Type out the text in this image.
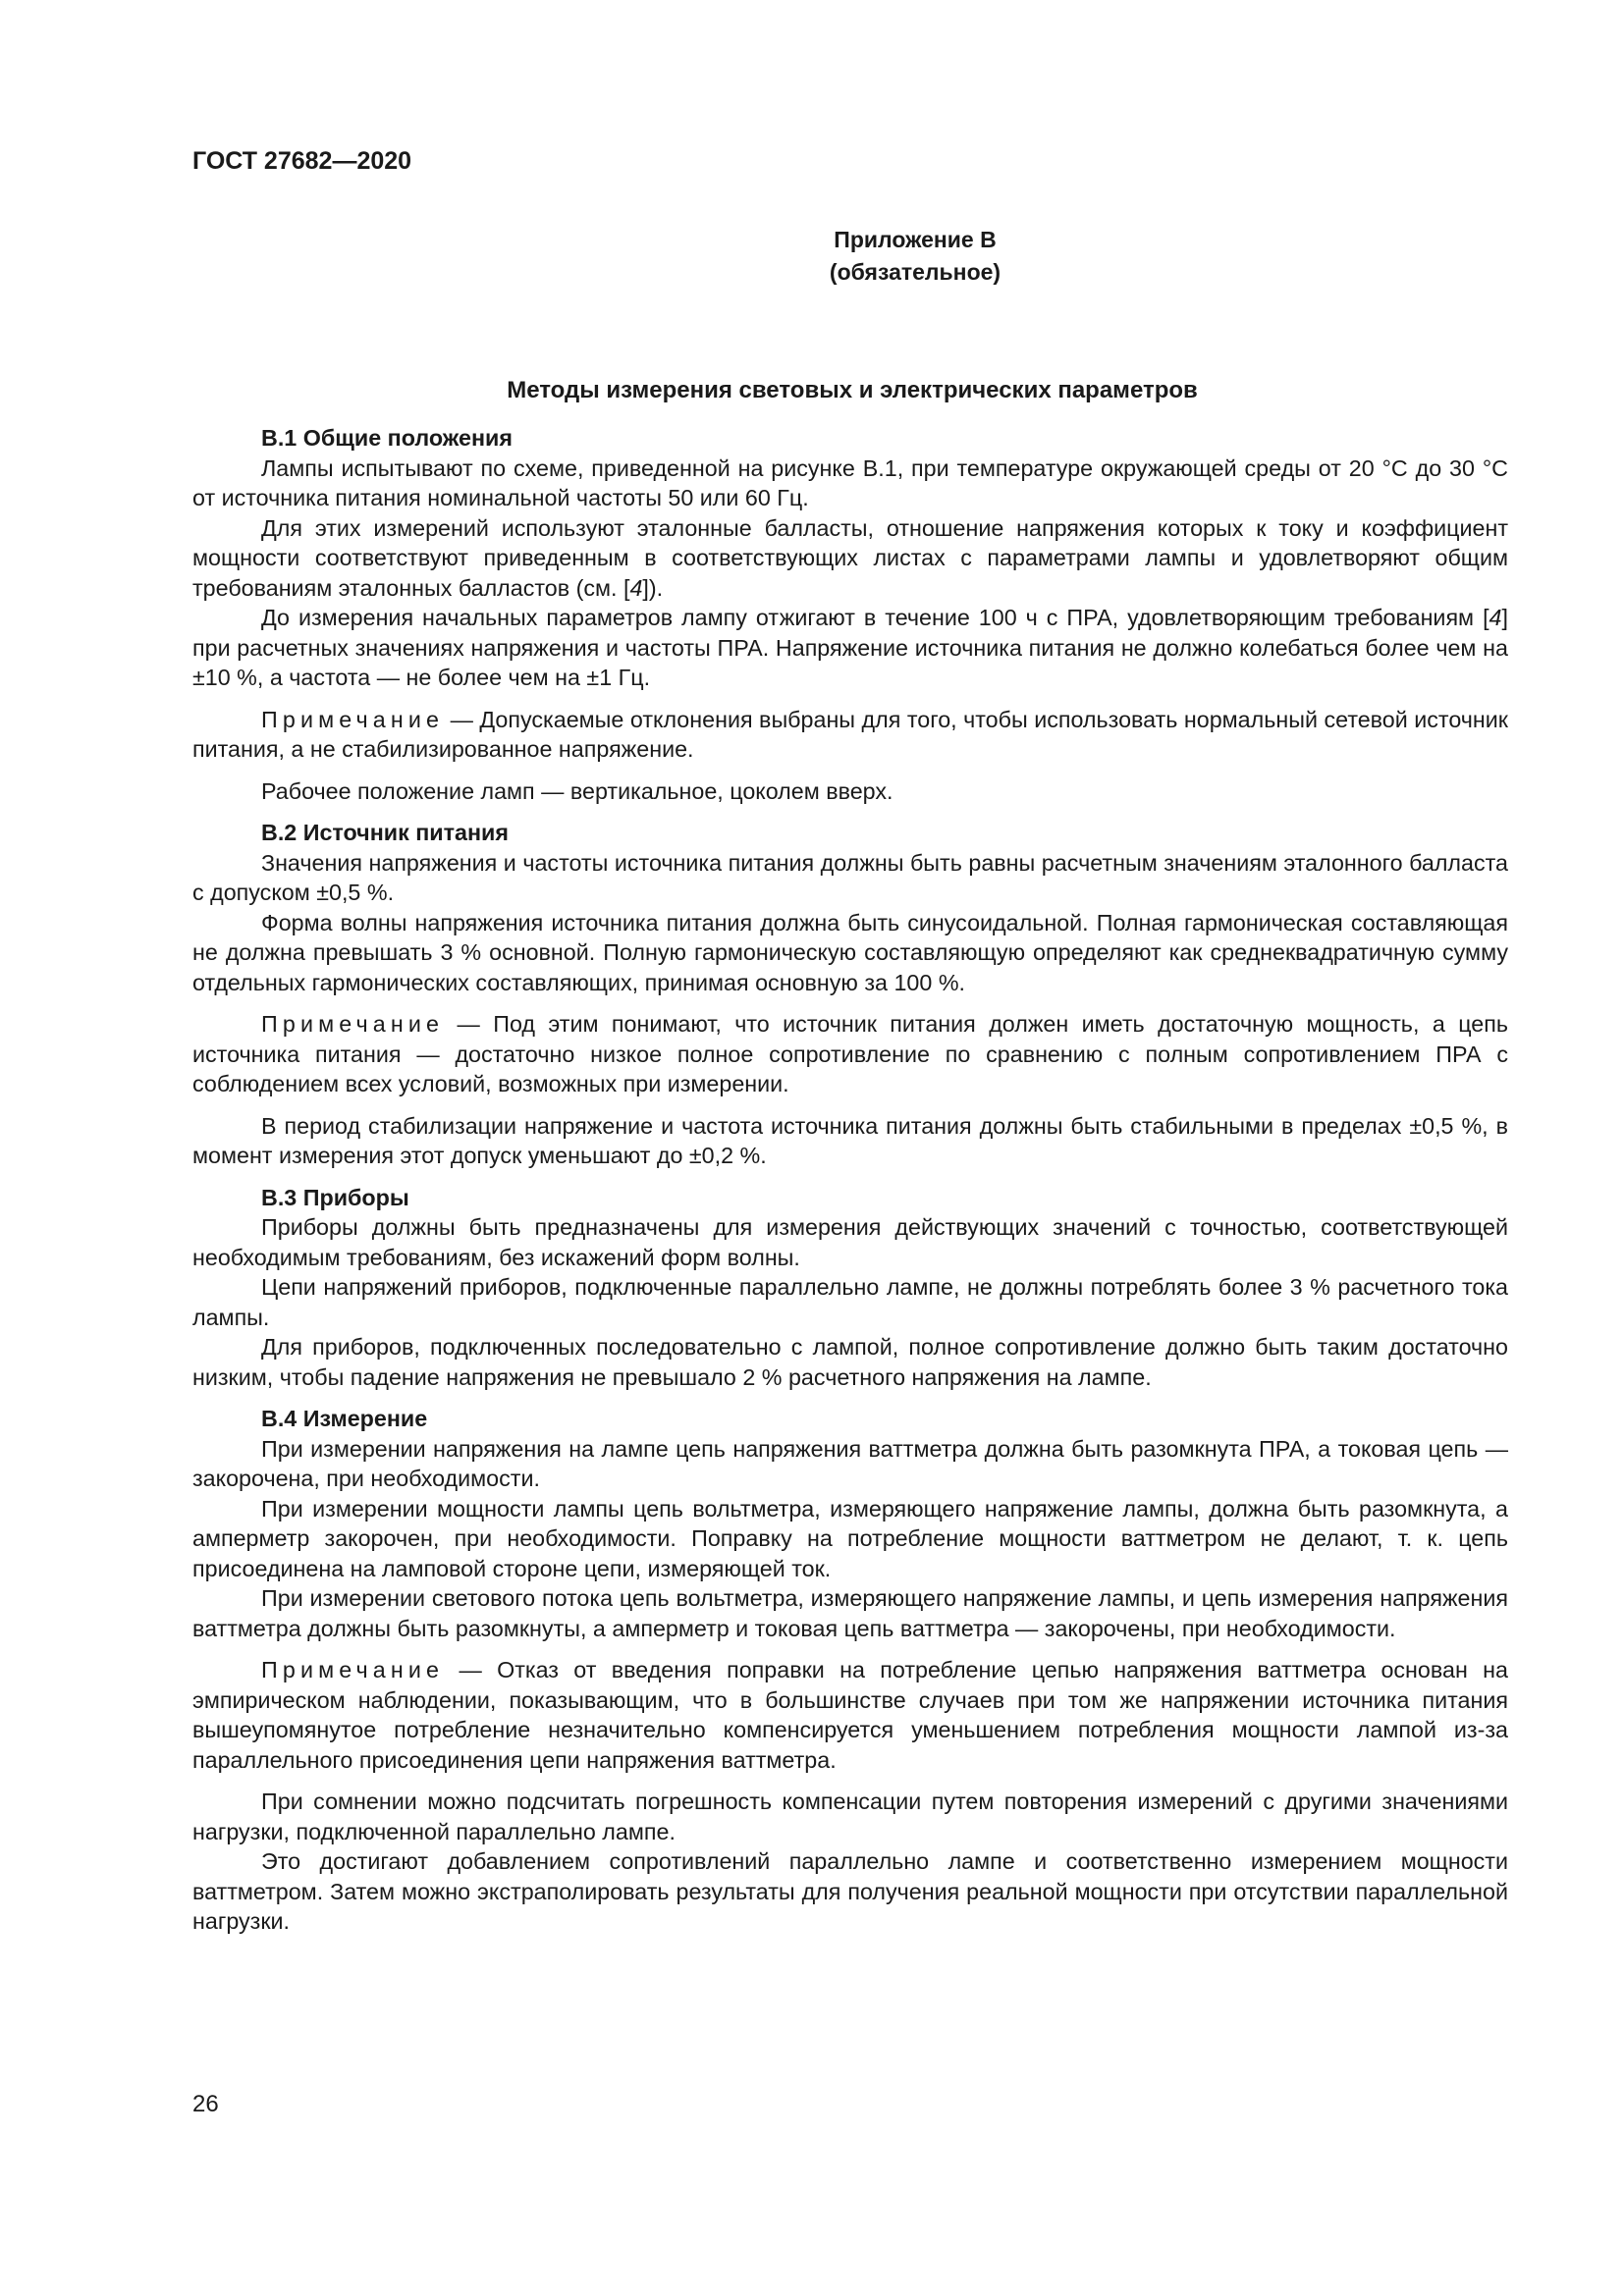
ГОСТ 27682—2020
Приложение В
(обязательное)
Методы измерения световых и электрических параметров
В.1 Общие положения

Лампы испытывают по схеме, приведенной на рисунке В.1, при температуре окружающей среды от 20 °С до 30 °С от источника питания номинальной частоты 50 или 60 Гц.

Для этих измерений используют эталонные балласты, отношение напряжения которых к току и коэффициент мощности соответствуют приведенным в соответствующих листах с параметрами лампы и удовлетворяют общим требованиям эталонных балластов (см. [4]).

До измерения начальных параметров лампу отжигают в течение 100 ч с ПРА, удовлетворяющим требованиям [4] при расчетных значениях напряжения и частоты ПРА. Напряжение источника питания не должно колебаться более чем на ±10 %, а частота — не более чем на ±1 Гц.

Примечание — Допускаемые отклонения выбраны для того, чтобы использовать нормальный сетевой источник питания, а не стабилизированное напряжение.

Рабочее положение ламп — вертикальное, цоколем вверх.

В.2 Источник питания

Значения напряжения и частоты источника питания должны быть равны расчетным значениям эталонного балласта с допуском ±0,5 %.

Форма волны напряжения источника питания должна быть синусоидальной. Полная гармоническая составляющая не должна превышать 3 % основной. Полную гармоническую составляющую определяют как среднеквадратичную сумму отдельных гармонических составляющих, принимая основную за 100 %.

Примечание — Под этим понимают, что источник питания должен иметь достаточную мощность, а цепь источника питания — достаточно низкое полное сопротивление по сравнению с полным сопротивлением ПРА с соблюдением всех условий, возможных при измерении.

В период стабилизации напряжение и частота источника питания должны быть стабильными в пределах ±0,5 %, в момент измерения этот допуск уменьшают до ±0,2 %.

В.3 Приборы

Приборы должны быть предназначены для измерения действующих значений с точностью, соответствующей необходимым требованиям, без искажений форм волны.

Цепи напряжений приборов, подключенные параллельно лампе, не должны потреблять более 3 % расчетного тока лампы.

Для приборов, подключенных последовательно с лампой, полное сопротивление должно быть таким достаточно низким, чтобы падение напряжения не превышало 2 % расчетного напряжения на лампе.

В.4 Измерение

При измерении напряжения на лампе цепь напряжения ваттметра должна быть разомкнута ПРА, а токовая цепь — закорочена, при необходимости.

При измерении мощности лампы цепь вольтметра, измеряющего напряжение лампы, должна быть разомкнута, а амперметр закорочен, при необходимости. Поправку на потребление мощности ваттметром не делают, т. к. цепь присоединена на ламповой стороне цепи, измеряющей ток.

При измерении светового потока цепь вольтметра, измеряющего напряжение лампы, и цепь измерения напряжения ваттметра должны быть разомкнуты, а амперметр и токовая цепь ваттметра — закорочены, при необходимости.

Примечание — Отказ от введения поправки на потребление цепью напряжения ваттметра основан на эмпирическом наблюдении, показывающим, что в большинстве случаев при том же напряжении источника питания вышеупомянутое потребление незначительно компенсируется уменьшением потребления мощности лампой из-за параллельного присоединения цепи напряжения ваттметра.

При сомнении можно подсчитать погрешность компенсации путем повторения измерений с другими значениями нагрузки, подключенной параллельно лампе.

Это достигают добавлением сопротивлений параллельно лампе и соответственно измерением мощности ваттметром. Затем можно экстраполировать результаты для получения реальной мощности при отсутствии параллельной нагрузки.

26
